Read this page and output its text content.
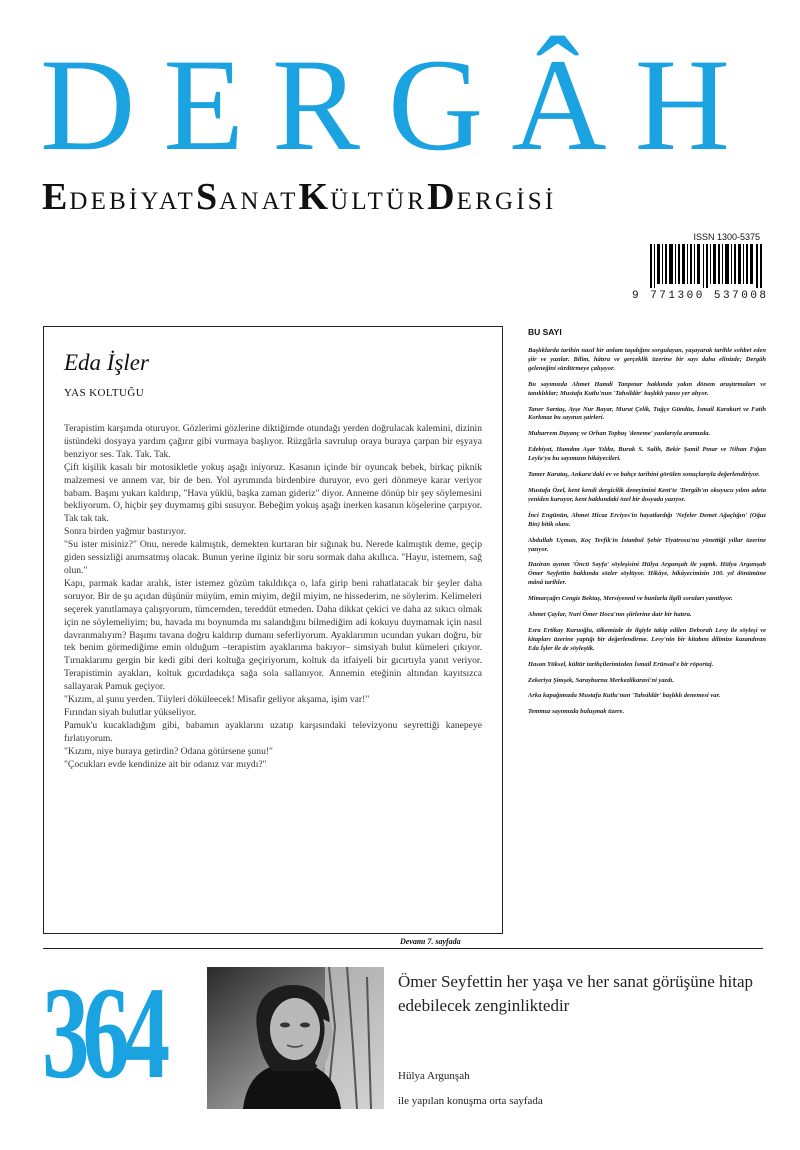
DERGÂH
EDEBİYATSANATKÜLTÜRDERGİSİ
ISSN 1300-5375
9 771300 537008
Eda İşler
YAS KOLTUĞU

Terapistim karşımda oturuyor. Gözlerimi gözlerine diktiğimde otundağı yerden doğrulacak kalemini, dizinin üstündeki dosyaya yardım çağırır gibi vurmaya başlıyor. Rüzgârla savrulup oraya buraya çarpan bir eşyaya benziyor ses. Tak. Tak. Tak.

Çift kişilik kasalı bir motosikletle yokuş aşağı iniyoruz. Kasanın içinde bir oyuncak bebek, birkaç piknik malzemesi ve annem var, bir de ben. Yol ayrımında birdenbire duruyor, evo geri dönmeye karar veriyor babam. Başını yukarı kaldırıp, "Hava yüklü, başka zaman gideriz" diyor. Anneme dönüp bir şey söylemesini bekliyorum. O, hiçbir şey duymamış gibi susuyor. Bebeğim yokuş aşağı inerken kasanın köşelerine çarpıyor. Tak tak tak.

Sonra birden yağmur bastırıyor.

"Su ister misiniz?" Onu, nerede kalmıştık, demekten kurtaran bir sığınak bu. Nerede kalmıştık deme, geçip giden sessizliği anımsatmış olacak. Bunun yerine ilginiz bir soru sormak daha akıllıca. "Hayır, istemem, sağ olun."

Kapı, parmak kadar aralık, ister istemez gözüm takıldıkça o, lafa girip beni rahatlatacak bir şeyler daha soruyor. Bir de şu açıdan düşünür müyüm, emin miyim, değil miyim, ne hissederim, ne söylerim. Kelimeleri seçerek yanıtlamaya çalışıyorum, tümcemden, tereddüt etmeden. Daha dikkat çekici ve daha az sıkıcı olmak için ne söylemeliyim; bu, havada mı boynumda mı salandığını bilmediğim adi kokuyu duymamak için nasıl davranmalıyım? Başımı tavana doğru kaldırıp dumanı seferliyorum. Ayaklarımın ucundan yukarı doğru, bir tek benim görmediğime emin olduğum –terapistim ayaklarıma bakıyor– simsiyah bulut kümeleri çıkıyor. Tırnaklarımı gergin bir kedi gibi deri koltuğa geçiriyorum, koltuk da itfaiyeli bir gıcırtıyla yanıt veriyor. Terapistimin ayakları, koltuk gıcırdadıkça sağa sola sallanıyor. Annemin eteğinin altından kayıtsızca sallayarak Pamuk geçiyor.

"Kızım, al şunu yerden. Tüyleri döküleecek! Misafir geliyor akşama, işim var!"

Fırından siyah bulutlar yükseliyor.

Pamuk'u kucakladığım gibi, babamın ayaklarını uzatıp karşısındaki televizyonu seyrettiği kanepeye fırlatıyorum.

"Kızım, niye buraya getirdin? Odana götürsene şunu!"

"Çocukları evde kendinize ait bir odanız var mıydı?"

Devamı 7. sayfada
BU SAYI
Başlıklarda tarihin nasıl bir anlam taşıdığını sorgulayan, yaşayarak tarihle sohbet eden şiir ve yazılar. Bilim, hâtıra ve gerçeklik üzerine bir sayı daha elinizde; Dergâh geleneğini sürdürmeye çalışıyor.
Bu sayımızda Ahmet Hamdi Tanpınar hakkında yakın dönem araştırmaları ve tanıklıklar; Mustafa Kutlu'nun 'Tahsildâr' başlıklı yazısı yer alıyor.
Taner Sarıtaş, Ayşe Nur Bayar, Murat Çelik, Tuğçe Gündüz, İsmail Karakurt ve Fatih Korkmaz bu sayının şairleri.
Muharrem Dayanç ve Orhan Topbaş 'deneme' yazılarıyla aramızda.
Edebiyat, Hamdım Aşar Yıldız, Burak S. Salih, Bekir Şamil Pınar ve Nihan Fığan Leyla'ya bu sayımızın hikâyecileri.
Tamer Karataş, Ankara'daki ev ve bahçe tarihini görülen sonuçlarıyla değerlendiriyor.
Mustafa Özel, kent kendi dergicilik deneyimini Kent'te 'Dergâh'ın okuyucu yılını adeta yeniden kuruyor, kent hakkındaki özel bir dosyada yazıyor.
İnci Engünün, Ahmet Hicaz Erciyes'in hayatlardığı 'Nefeler Demet Ağaçlığın' (Oğuz Bin) bitik olanı.
Abdullah Uçman, Koç Tevfik'in İstanbul Şehir Tiyatrosu'nu yönettiği yıllar üzerine yazıyor.
Haziran ayının 'Öncü Sayfa' söyleşisini Hülya Argunşah ile yaptık. Hülya Argunşah Ömer Seyfettin hakkında sözler söylüyor. Hikâye, hikâyecimizin 100. yıl dönümüne mânâ tarihler.
Mimarçağrı Cengiz Bektaş, Mersiyennıl ve bunlarla ilgili soruları yanıtlıyor.
Ahmet Çaylar, Nuri Ömer Hoca'nın şiirlerine dair bir hatıra.
Esra Ertikay Kuruoğlu, ülkemizde de ilgiyle takip edilen Deborah Levy ile söyleşi ve kitapları üzerine yaptığı bir değerlendirme. Levy'nin bir kitabını dilimize kazandıran Eda İşler ile de söyleştik.
Hasan Yüksel, kültür tarihçilerimizden İsmail Erünsal'e bir röportaj.
Zekeriya Şimşek, Sarayburnu Merkezlikaravi'ni yazdı.
Arka kapağımızda Mustafa Kutlu'nun 'Tahsildâr' başlıklı denemesi var.
Temmuz sayımızda buluşmak üzere.
364	Ömer Seyfettin her yaşa ve her sanat görüşüne hitap edebilecek zenginliktedir
Hülya Argunşah
ile yapılan konuşma orta sayfada
